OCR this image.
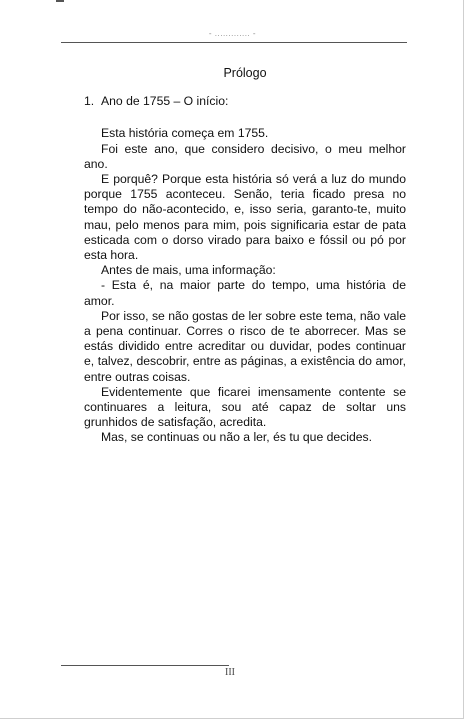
- ............. -

Prólogo

1. Ano de 1755 – O início:

Esta história começa em 1755.

Foi este ano, que considero decisivo, o meu melhor ano.

E porquê? Porque esta história só verá a luz do mundo porque 1755 aconteceu. Senão, teria ficado presa no tempo do não-acontecido, e, isso seria, garanto-te, muito mau, pelo menos para mim, pois significaria estar de pata esticada com o dorso virado para baixo e fóssil ou pó por esta hora.

Antes de mais, uma informação:

- Esta é, na maior parte do tempo, uma história de amor.

Por isso, se não gostas de ler sobre este tema, não vale a pena continuar. Corres o risco de te aborrecer. Mas se estás dividido entre acreditar ou duvidar, podes continuar e, talvez, descobrir, entre as páginas, a existência do amor, entre outras coisas.

Evidentemente que ficarei imensamente contente se continuares a leitura, sou até capaz de soltar uns grunhidos de satisfação, acredita.

Mas, se continuas ou não a ler, és tu que decides.

III
